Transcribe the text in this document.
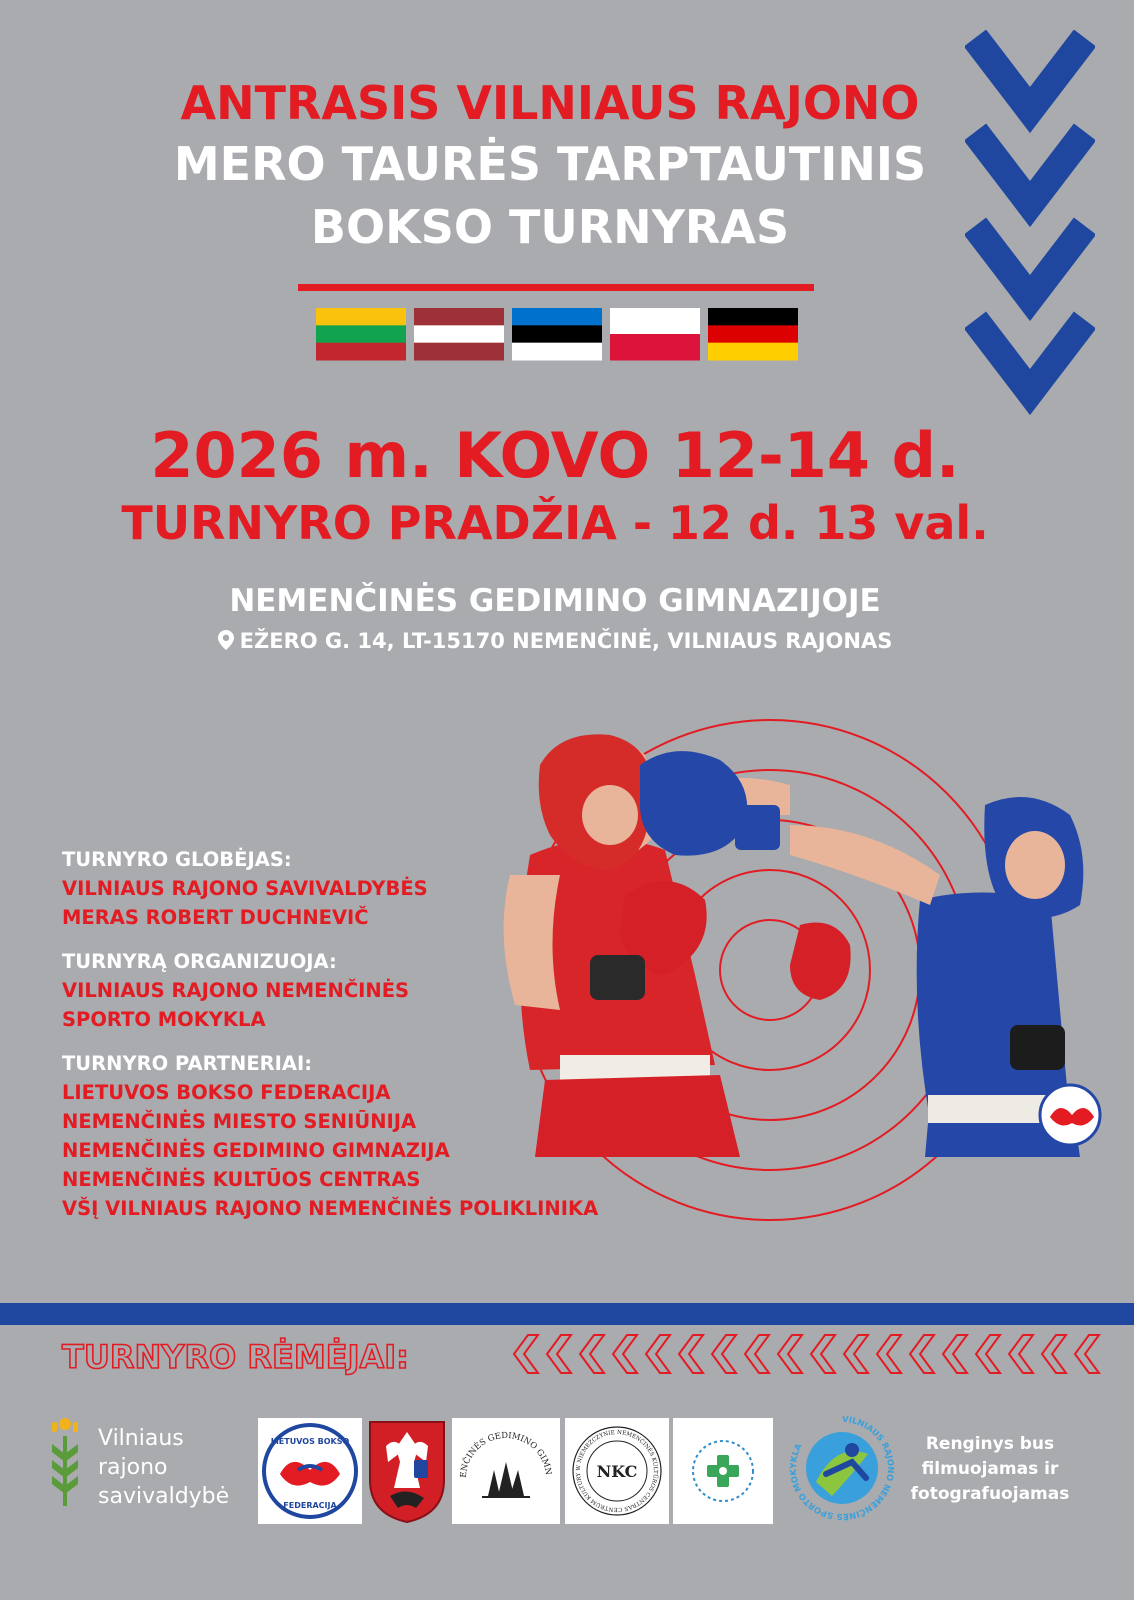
ANTRASIS VILNIAUS RAJONO
MERO TAURĖS TARPTAUTINIS
BOKSO TURNYRAS
2026 m. KOVO 12-14 d.
TURNYRO PRADŽIA - 12 d. 13 val.
NEMENČINĖS GEDIMINO GIMNAZIJOJE
EŽERO G. 14, LT-15170 NEMENČINĖ, VILNIAUS RAJONAS
TURNYRO GLOBĖJAS:
VILNIAUS RAJONO SAVIVALDYBĖS
MERAS ROBERT DUCHNEVIČ
TURNYRĄ ORGANIZUOJA:
VILNIAUS RAJONO NEMENČINĖS
SPORTO MOKYKLA
TURNYRO PARTNERIAI:
LIETUVOS BOKSO FEDERACIJA
NEMENČINĖS MIESTO SENIŪNIJA
NEMENČINĖS GEDIMINO GIMNAZIJA
NEMENČINĖS KULTŪOS CENTRAS
VŠĮ VILNIAUS RAJONO NEMENČINĖS POLIKLINIKA
TURNYRO RĖMĖJAI:
Vilniaus
rajono
savivaldybė
LIETUVOS BOKSO
FEDERACIJA
ENČINĖS GEDIMINO GIMN
NEMENČINĖS KULTŪROS CENTRAS CENTRUM KULTURY W NIEMEŻCZYNIE
NKC
VILNIAUS RAJONO NEMENČINĖS SPORTO MOKYKLA	Renginys bus
filmuojamas ir
fotografuojamas
